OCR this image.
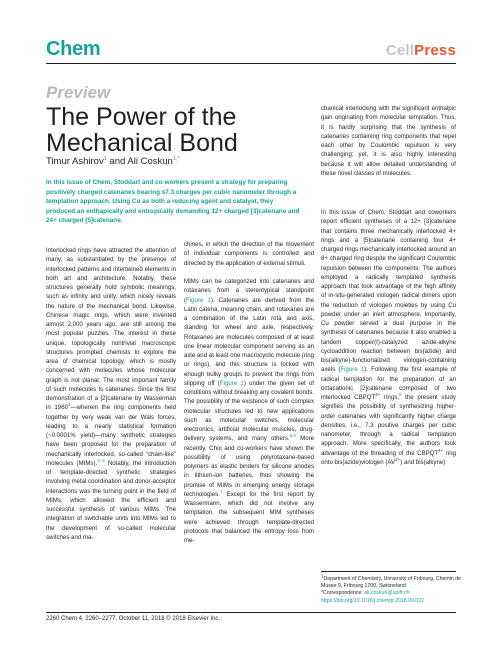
Chem	CellPress
Preview
The Power of the Mechanical Bond
Timur Ashirov$^1$ and Ali Coskun$^{1,*}$
In this issue of Chem, Stoddart and co-workers present a strategy for preparing positively charged catenanes bearing ≤7.3 charges per cubic nanometer through a templation approach. Using Cu as both a reducing agent and catalyst, they produced an enthapically and entropically demanding 12+ charged [3]catenane and 24+ charged [5]catenane.

Interlocked rings have attracted the attention of many, as substantiated by the presence of interlocked patterns and intertwined elements in both art and architecture. Notably, these structures generally hold symbolic meanings, such as infinity and unity, which nicely reveals the nature of the mechanical bond. Likewise, Chinese magic rings, which were invented almost 2,000 years ago, are still among the most popular puzzles. The interest in these unique, topologically nontrivial macroscopic structures prompted chemists to explore the area of chemical topology, which is mostly concerned with molecules whose molecular graph is not planar. The most important family of such molecules is catenanes. Since the first demonstration of a [2]catenane by Wasserman in 1960$^1$—wherein the ring components held together by very weak van der Wals forces, leading to a nearly statistical formation (~0.0001% yield)—many synthetic strategies have been proposed for the preparation of mechanically interlocked, so-called "chain-like" molecules (MIMs).$^{2-4}$ Notably, the introduction of template-directed synthetic strategies involving metal coordination and donor-acceptor interactions was the turning point in the field of MIMs, which allowed the efficient and successful synthesis of various MIMs. The integration of switchable units into MIMs led to the development of so-called molecular switches and ma-

chines, in which the direction of the movement of individual components is controlled and directed by the application of external stimuli.

MIMs can be categorized into catenanes and rotaxanes from a stereotypical standpoint (Figure 1). Catenanes are derived from the Latin catena, meaning chain, and rotaxanes are a combination of the Latin rota and axis, standing for wheel and axle, respectively. Rotaxanes are molecules composed of at least one linear molecular component serving as an axle and at least one macrocyclic molecule (ring or rings), and this structure is locked with enough bulky groups to prevent the rings from slipping off (Figure 1) under the given set of conditions without breaking any covalent bonds. The possibility of the existence of such complex molecular structures led to new applications such as molecular switches, molecular electronics, artificial molecular muscles, drug-delivery systems, and many others.$^{5,6}$ More recently, Choi and co-workers have shown the possibility of using polyrotaxane-based polymers as elastic binders for silicone anodes in lithium-ion batteries, thus showing the promise of MIMs in emerging energy storage technologies.$^7$ Except for the first report by Wassermann, which did not involve any templation, the subsequent MIM syntheses were achieved through template-directed protocols that balanced the entropy loss from me-

chanical interlocking with the significant enthalpic gain originating from molecular templation. Thus, it is hardly surprising that the synthesis of catenanes containing ring components that repel each other by Coulombic repulsion is very challenging; yet, it is also highly interesting because it will allow detailed understanding of these novel classes of molecules.

In this issue of Chem, Stoddart and coworkers report efficient syntheses of a 12+ [3]catenane that contains three mechanically interlocked 4+ rings and a [5]catenane containing four 4+ charged rings mechanically interlocked around an 8+ charged ring despite the significant Coulombic repulsion between the components. The authors employed a radically templated synthesis approach that took advantage of the high affinity of in-situ-generated viologen radical dimers upon the reduction of viologen moieties by using Cu powder under an inert atmosphere. Importantly, Cu powder served a dual purpose in the synthesis of catenanes because it also enabled a tandem copper(I)-catalyzed azide-alkyne cycloaddition reaction between bis(azide) and bis(alkyne)-functionalized viologen-containing axels (Figure 1). Following the first example of radical templation for the preparation of an octacationic [2]catenane composed of two interlocked $CBPQT^{4+}$ rings,$^8$ the present study signifies the possibility of synthesizing higher-order catenanes with significantly higher charge densities, i.e., 7.3 positive charges per cubic nanometer, through a radical templation approach. More specifically, the authors took advantage of the threading of the $CBPQT^{4+}$ ring onto bis(azide)viologen $(AV^{2+})$ and bis(alkyne)

$^1$Department of Chemistry, University of Fribourg, Chemin de Musee 9, Fribourg 1700, Switzerland
*Correspondence: ali.coskun@unifr.ch
https://doi.org/10.1016/j.chempr.2018.09.022
2260 Chem 4, 2260–2277, October 11, 2018 © 2018 Elsevier Inc.
